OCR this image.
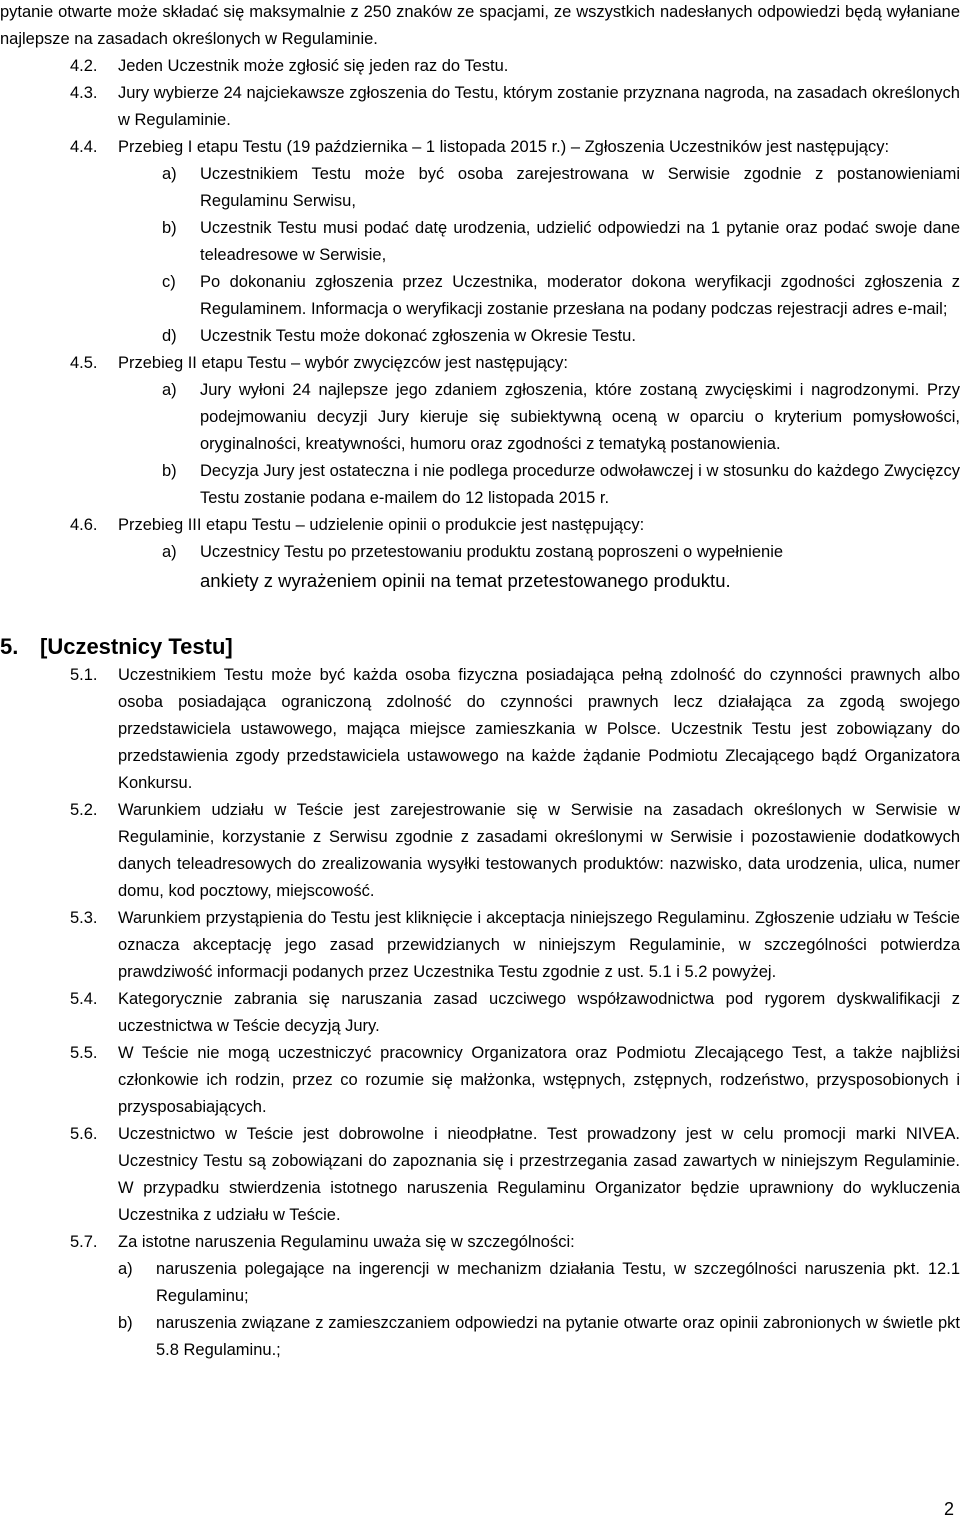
pytanie otwarte może składać się maksymalnie z 250 znaków ze spacjami, ze wszystkich nadesłanych odpowiedzi będą wyłaniane najlepsze na zasadach określonych w Regulaminie.

4.2.	Jeden Uczestnik może zgłosić się jeden raz do Testu.
4.3.	Jury wybierze 24 najciekawsze zgłoszenia do Testu, którym zostanie przyznana nagroda, na zasadach określonych w Regulaminie.
4.4.	Przebieg I etapu Testu (19 października – 1 listopada 2015 r.) – Zgłoszenia Uczestników jest następujący:
a)	Uczestnikiem Testu może być osoba zarejestrowana w Serwisie zgodnie z postanowieniami Regulaminu Serwisu,
b)	Uczestnik Testu musi podać datę urodzenia, udzielić odpowiedzi na 1 pytanie oraz podać swoje dane teleadresowe w Serwisie,
c)	Po dokonaniu zgłoszenia przez Uczestnika, moderator dokona weryfikacji zgodności zgłoszenia z Regulaminem. Informacja o weryfikacji zostanie przesłana na podany podczas rejestracji adres e-mail;
d)	Uczestnik Testu może dokonać zgłoszenia w Okresie Testu.
4.5.	Przebieg II etapu Testu – wybór zwycięzców jest następujący:
a)	Jury wyłoni 24 najlepsze jego zdaniem zgłoszenia, które zostaną zwycięskimi i nagrodzonymi. Przy podejmowaniu decyzji Jury kieruje się subiektywną oceną w oparciu o kryterium pomysłowości, oryginalności, kreatywności, humoru oraz zgodności z tematyką postanowienia.
b)	Decyzja Jury jest ostateczna i nie podlega procedurze odwoławczej i w stosunku do każdego Zwycięzcy Testu zostanie podana e-mailem do 12 listopada 2015 r.
4.6.	Przebieg III etapu Testu – udzielenie opinii o produkcie jest następujący:
a)	Uczestnicy Testu po przetestowaniu produktu zostaną poproszeni o wypełnienie
ankiety z wyrażeniem opinii na temat przetestowanego produktu.
5. [Uczestnicy Testu]
5.1.	Uczestnikiem Testu może być każda osoba fizyczna posiadająca pełną zdolność do czynności prawnych albo osoba posiadająca ograniczoną zdolność do czynności prawnych lecz działająca za zgodą swojego przedstawiciela ustawowego, mająca miejsce zamieszkania w Polsce. Uczestnik Testu jest zobowiązany do przedstawienia zgody przedstawiciela ustawowego na każde żądanie Podmiotu Zlecającego bądź Organizatora Konkursu.
5.2.	Warunkiem udziału w Teście jest zarejestrowanie się w Serwisie na zasadach określonych w Serwisie w Regulaminie, korzystanie z Serwisu zgodnie z zasadami określonymi w Serwisie i pozostawienie dodatkowych danych teleadresowych do zrealizowania wysyłki testowanych produktów: nazwisko, data urodzenia, ulica, numer domu, kod pocztowy, miejscowość.
5.3.	Warunkiem przystąpienia do Testu jest kliknięcie i akceptacja niniejszego Regulaminu. Zgłoszenie udziału w Teście oznacza akceptację jego zasad przewidzianych w niniejszym Regulaminie, w szczególności potwierdza prawdziwość informacji podanych przez Uczestnika Testu zgodnie z ust. 5.1 i 5.2 powyżej.
5.4.	Kategorycznie zabrania się naruszania zasad uczciwego współzawodnictwa pod rygorem dyskwalifikacji z uczestnictwa w Teście decyzją Jury.
5.5.	W Teście nie mogą uczestniczyć pracownicy Organizatora oraz Podmiotu Zlecającego Test, a także najbliżsi członkowie ich rodzin, przez co rozumie się małżonka, wstępnych, zstępnych, rodzeństwo, przysposobionych i przysposabiających.
5.6.	Uczestnictwo w Teście jest dobrowolne i nieodpłatne. Test prowadzony jest w celu promocji marki NIVEA. Uczestnicy Testu są zobowiązani do zapoznania się i przestrzegania zasad zawartych w niniejszym Regulaminie. W przypadku stwierdzenia istotnego naruszenia Regulaminu Organizator będzie uprawniony do wykluczenia Uczestnika z udziału w Teście.
5.7.	Za istotne naruszenia Regulaminu uważa się w szczególności:
a)	naruszenia polegające na ingerencji w mechanizm działania Testu, w szczególności naruszenia pkt. 12.1 Regulaminu;
b)	naruszenia związane z zamieszczaniem odpowiedzi na pytanie otwarte oraz opinii zabronionych w świetle pkt 5.8 Regulaminu.;
2
